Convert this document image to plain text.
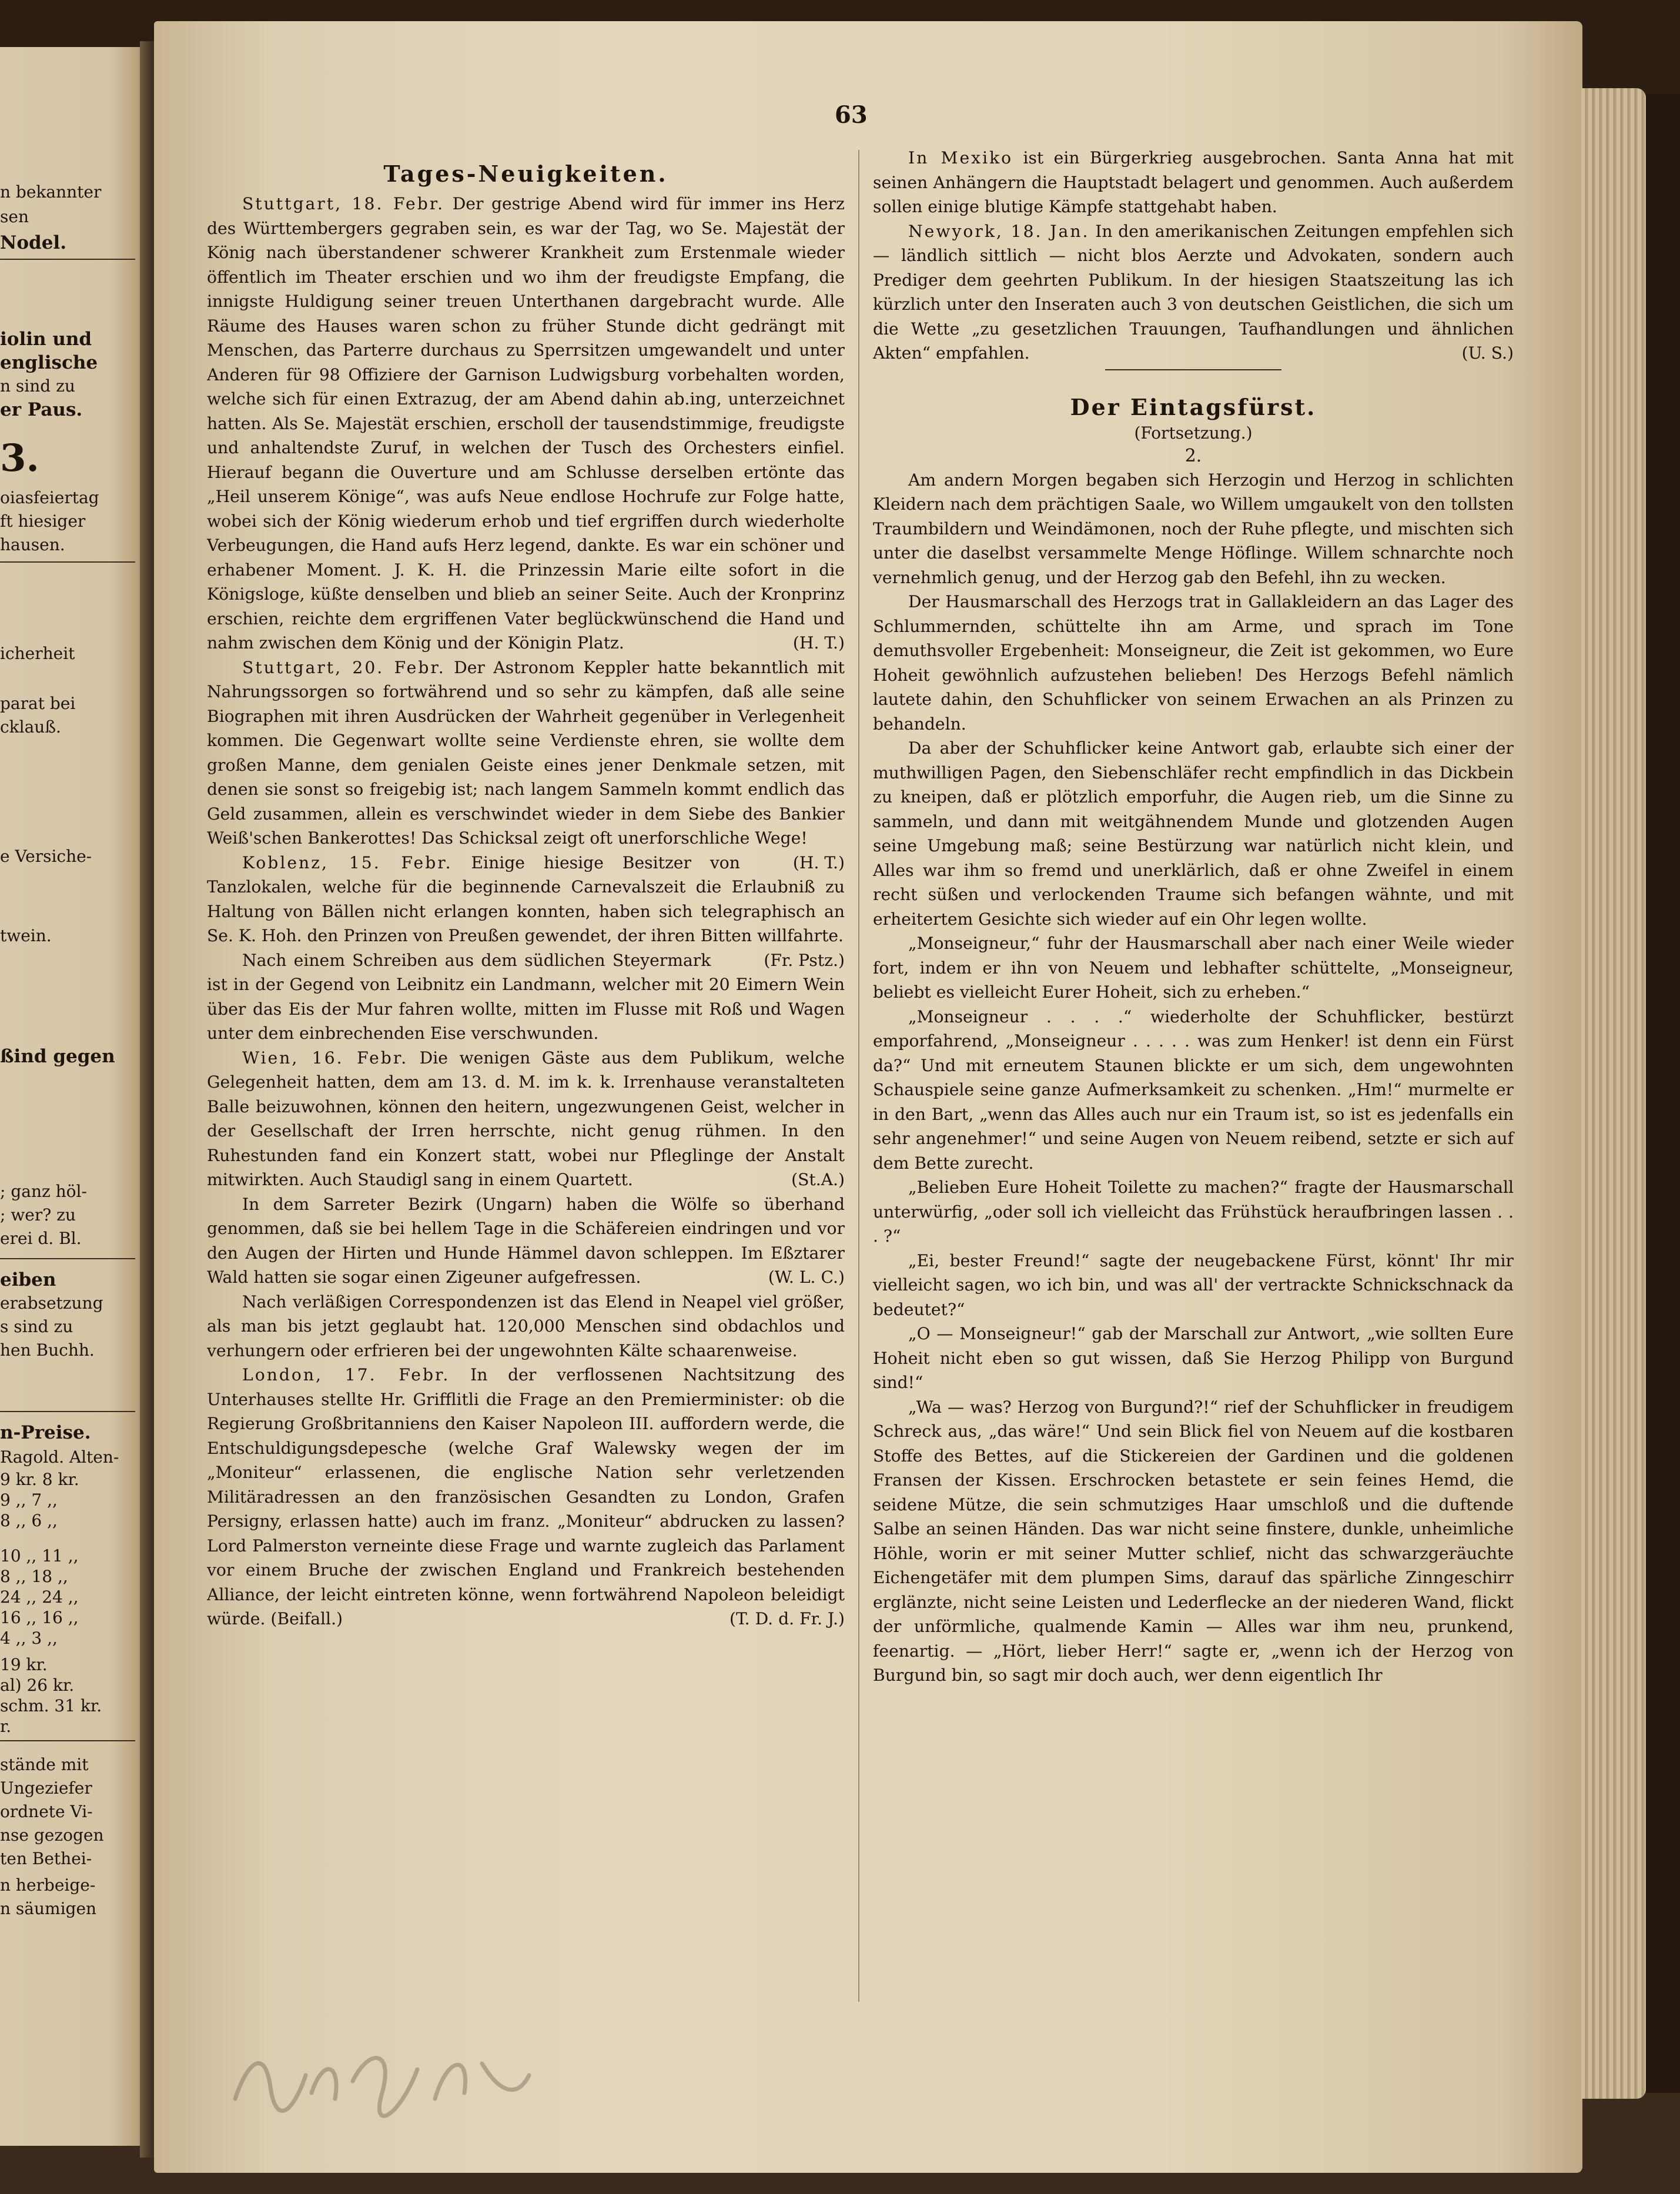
n bekannter
sen
Nodel.
iolin und
englische
n sind zu
er Paus.
3.
oiasfeiertag
ft hiesiger
hausen.
icherheit
parat bei
cklauß.
e Versiche-
twein.
ßind gegen
; ganz höl-
; wer? zu
erei d. Bl.
eiben
erabsetzung
s sind zu
hen Buchh.
n-Preise.
Ragold. Alten-
9 kr. 8 kr.
9 ,, 7 ,,
8 ,, 6 ,,
10 ,, 11 ,,
8 ,, 18 ,,
24 ,, 24 ,,
16 ,, 16 ,,
4 ,, 3 ,,
19 kr.
al) 26 kr.
schm. 31 kr.
r.
stände mit
Ungeziefer
ordnete Vi-
nse gezogen
ten Bethei-
n herbeige-
n säumigen
63
Tages-Neuigkeiten.

Stuttgart, 18. Febr. Der gestrige Abend wird für immer ins Herz des Württembergers gegraben sein, es war der Tag, wo Se. Majestät der König nach überstandener schwerer Krankheit zum Erstenmale wieder öffentlich im Theater erschien und wo ihm der freudigste Empfang, die innigste Huldigung seiner treuen Unterthanen dargebracht wurde. Alle Räume des Hauses waren schon zu früher Stunde dicht gedrängt mit Menschen, das Parterre durchaus zu Sperrsitzen umgewandelt und unter Anderen für 98 Offiziere der Garnison Ludwigsburg vorbehalten worden, welche sich für einen Extrazug, der am Abend dahin ab.ing, unterzeichnet hatten. Als Se. Majestät erschien, erscholl der tausendstimmige, freudigste und anhaltendste Zuruf, in welchen der Tusch des Orchesters einfiel. Hierauf begann die Ouverture und am Schlusse derselben ertönte das „Heil unserem Könige“, was aufs Neue endlose Hochrufe zur Folge hatte, wobei sich der König wiederum erhob und tief ergriffen durch wiederholte Verbeugungen, die Hand aufs Herz legend, dankte. Es war ein schöner und erhabener Moment. J. K. H. die Prinzessin Marie eilte sofort in die Königsloge, küßte denselben und blieb an seiner Seite. Auch der Kronprinz erschien, reichte dem ergriffenen Vater beglückwünschend die Hand und nahm zwischen dem König und der Königin Platz.	(H. T.)

Stuttgart, 20. Febr. Der Astronom Keppler hatte bekanntlich mit Nahrungssorgen so fortwährend und so sehr zu kämpfen, daß alle seine Biographen mit ihren Ausdrücken der Wahrheit gegenüber in Verlegenheit kommen. Die Gegenwart wollte seine Verdienste ehren, sie wollte dem großen Manne, dem genialen Geiste eines jener Denkmale setzen, mit denen sie sonst so freigebig ist; nach langem Sammeln kommt endlich das Geld zusammen, allein es verschwindet wieder in dem Siebe des Bankier Weiß'schen Bankerottes! Das Schicksal zeigt oft unerforschliche Wege!
(H. T.)

Koblenz, 15. Febr. Einige hiesige Besitzer von Tanzlokalen, welche für die beginnende Carnevalszeit die Erlaubniß zu Haltung von Bällen nicht erlangen konnten, haben sich telegraphisch an Se. K. Hoh. den Prinzen von Preußen gewendet, der ihren Bitten willfahrte.
(Fr. Pstz.)

Nach einem Schreiben aus dem südlichen Steyermark ist in der Gegend von Leibnitz ein Landmann, welcher mit 20 Eimern Wein über das Eis der Mur fahren wollte, mitten im Flusse mit Roß und Wagen unter dem einbrechenden Eise verschwunden.

Wien, 16. Febr. Die wenigen Gäste aus dem Publikum, welche Gelegenheit hatten, dem am 13. d. M. im k. k. Irrenhause veranstalteten Balle beizuwohnen, können den heitern, ungezwungenen Geist, welcher in der Gesellschaft der Irren herrschte, nicht genug rühmen. In den Ruhestunden fand ein Konzert statt, wobei nur Pfleglinge der Anstalt mitwirkten. Auch Staudigl sang in einem Quartett.	(St.A.)

In dem Sarreter Bezirk (Ungarn) haben die Wölfe so überhand genommen, daß sie bei hellem Tage in die Schäfereien eindringen und vor den Augen der Hirten und Hunde Hämmel davon schleppen. Im Eßztarer Wald hatten sie sogar einen Zigeuner aufgefressen.	(W. L. C.)

Nach verläßigen Correspondenzen ist das Elend in Neapel viel größer, als man bis jetzt geglaubt hat. 120,000 Menschen sind obdachlos und verhungern oder erfrieren bei der ungewohnten Kälte schaarenweise.

London, 17. Febr. In der verflossenen Nachtsitzung des Unterhauses stellte Hr. Grifflitli die Frage an den Premierminister: ob die Regierung Großbritanniens den Kaiser Napoleon III. auffordern werde, die Entschuldigungsdepesche (welche Graf Walewsky wegen der im „Moniteur“ erlassenen, die englische Nation sehr verletzenden Militäradressen an den französischen Gesandten zu London, Grafen Persigny, erlassen hatte) auch im franz. „Moniteur“ abdrucken zu lassen? Lord Palmerston verneinte diese Frage und warnte zugleich das Parlament vor einem Bruche der zwischen England und Frankreich bestehenden Alliance, der leicht eintreten könne, wenn fortwährend Napoleon beleidigt würde. (Beifall.)	(T. D. d. Fr. J.)

In Mexiko ist ein Bürgerkrieg ausgebrochen. Santa Anna hat mit seinen Anhängern die Hauptstadt belagert und genommen. Auch außerdem sollen einige blutige Kämpfe stattgehabt haben.

Newyork, 18. Jan. In den amerikanischen Zeitungen empfehlen sich — ländlich sittlich — nicht blos Aerzte und Advokaten, sondern auch Prediger dem geehrten Publikum. In der hiesigen Staatszeitung las ich kürzlich unter den Inseraten auch 3 von deutschen Geistlichen, die sich um die Wette „zu gesetzlichen Trauungen, Taufhandlungen und ähnlichen Akten“ empfahlen.	(U. S.)

Der Eintagsfürst.
(Fortsetzung.)
2.

Am andern Morgen begaben sich Herzogin und Herzog in schlichten Kleidern nach dem prächtigen Saale, wo Willem umgaukelt von den tollsten Traumbildern und Weindämonen, noch der Ruhe pflegte, und mischten sich unter die daselbst versammelte Menge Höflinge. Willem schnarchte noch vernehmlich genug, und der Herzog gab den Befehl, ihn zu wecken.

Der Hausmarschall des Herzogs trat in Gallakleidern an das Lager des Schlummernden, schüttelte ihn am Arme, und sprach im Tone demuthsvoller Ergebenheit: Monseigneur, die Zeit ist gekommen, wo Eure Hoheit gewöhnlich aufzustehen belieben! Des Herzogs Befehl nämlich lautete dahin, den Schuhflicker von seinem Erwachen an als Prinzen zu behandeln.

Da aber der Schuhflicker keine Antwort gab, erlaubte sich einer der muthwilligen Pagen, den Siebenschläfer recht empfindlich in das Dickbein zu kneipen, daß er plötzlich emporfuhr, die Augen rieb, um die Sinne zu sammeln, und dann mit weitgähnendem Munde und glotzenden Augen seine Umgebung maß; seine Bestürzung war natürlich nicht klein, und Alles war ihm so fremd und unerklärlich, daß er ohne Zweifel in einem recht süßen und verlockenden Traume sich befangen wähnte, und mit erheitertem Gesichte sich wieder auf ein Ohr legen wollte.

„Monseigneur,“ fuhr der Hausmarschall aber nach einer Weile wieder fort, indem er ihn von Neuem und lebhafter schüttelte, „Monseigneur, beliebt es vielleicht Eurer Hoheit, sich zu erheben.“

„Monseigneur . . . .“ wiederholte der Schuhflicker, bestürzt emporfahrend, „Monseigneur . . . . . was zum Henker! ist denn ein Fürst da?“ Und mit erneutem Staunen blickte er um sich, dem ungewohnten Schauspiele seine ganze Aufmerksamkeit zu schenken. „Hm!“ murmelte er in den Bart, „wenn das Alles auch nur ein Traum ist, so ist es jedenfalls ein sehr angenehmer!“ und seine Augen von Neuem reibend, setzte er sich auf dem Bette zurecht.

„Belieben Eure Hoheit Toilette zu machen?“ fragte der Hausmarschall unterwürfig, „oder soll ich vielleicht das Frühstück heraufbringen lassen . . . ?“

„Ei, bester Freund!“ sagte der neugebackene Fürst, könnt' Ihr mir vielleicht sagen, wo ich bin, und was all' der vertrackte Schnickschnack da bedeutet?“

„O — Monseigneur!“ gab der Marschall zur Antwort, „wie sollten Eure Hoheit nicht eben so gut wissen, daß Sie Herzog Philipp von Burgund sind!“

„Wa — was? Herzog von Burgund?!“ rief der Schuhflicker in freudigem Schreck aus, „das wäre!“ Und sein Blick fiel von Neuem auf die kostbaren Stoffe des Bettes, auf die Stickereien der Gardinen und die goldenen Fransen der Kissen. Erschrocken betastete er sein feines Hemd, die seidene Mütze, die sein schmutziges Haar umschloß und die duftende Salbe an seinen Händen. Das war nicht seine finstere, dunkle, unheimliche Höhle, worin er mit seiner Mutter schlief, nicht das schwarzgeräuchte Eichengetäfer mit dem plumpen Sims, darauf das spärliche Zinngeschirr erglänzte, nicht seine Leisten und Lederflecke an der niederen Wand, flickt der unförmliche, qualmende Kamin — Alles war ihm neu, prunkend, feenartig. — „Hört, lieber Herr!“ sagte er, „wenn ich der Herzog von Burgund bin, so sagt mir doch auch, wer denn eigentlich Ihr
